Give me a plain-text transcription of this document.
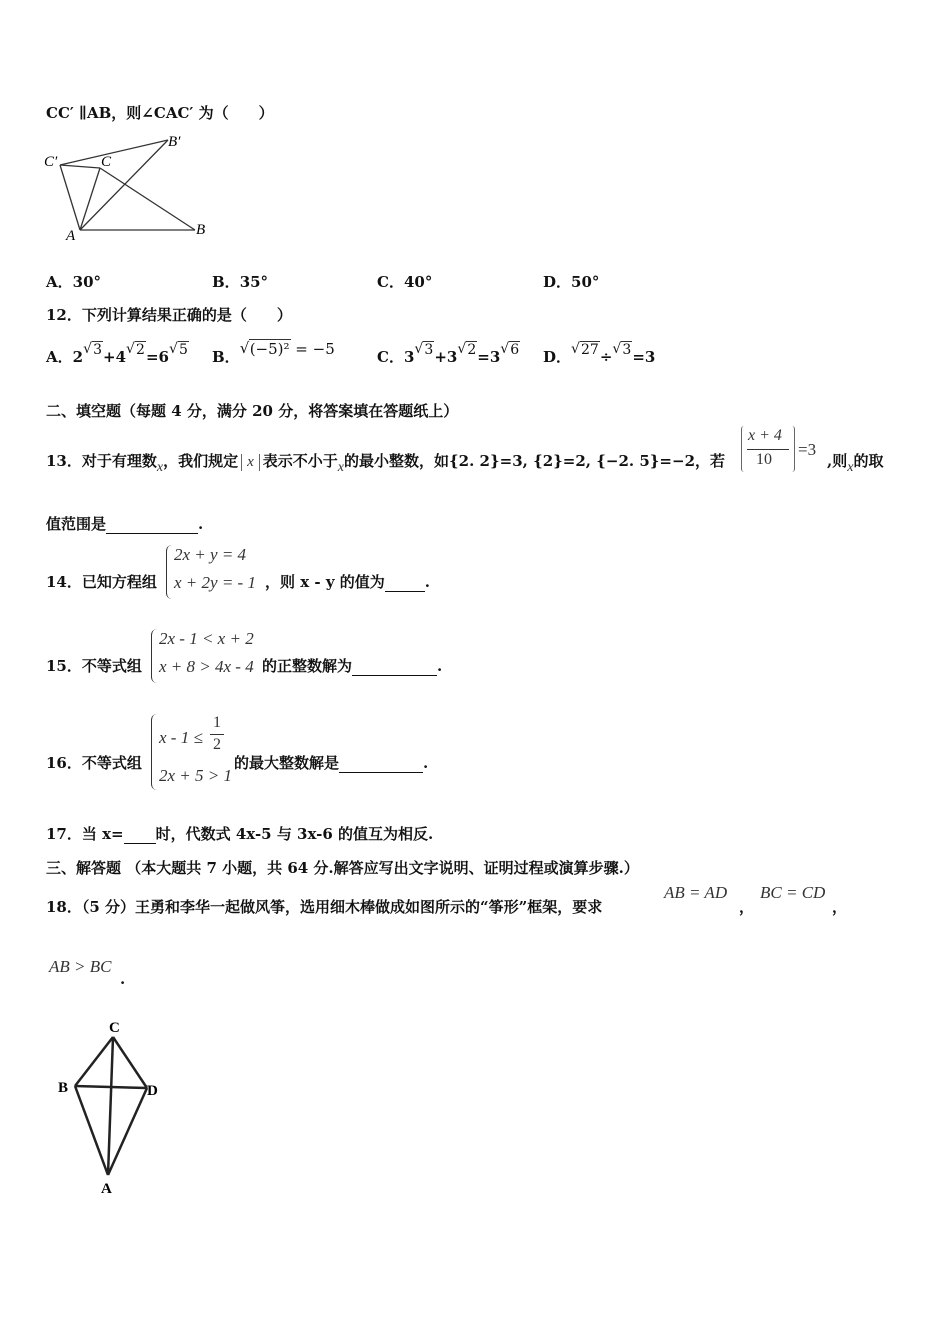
CC′ ∥AB，则∠CAC′ 为（　　）
C′
B′
C
A	B
A．30°	B．35°	C．40°	D．50°
12．下列计算结果正确的是（　　）
A．2 √ 3+4 √ 2=6 √ 5 B． √ (−5)² = −5	C．3 √ 3+3 √ 2=3 √ 6 D． √ 27÷ √ 3=3
二、填空题（每题 4 分，满分 20 分，将答案填在答题纸上）
13．对于有理数x，我们规定 x 表示不小于x的最小整数，如{2. 2}=3, {2}=2, {−2. 5}=−2，若
x + 4
10
=3
,则x的取
值范围是	.
14．已知方程组
2x + y = 4
x + 2y = - 1 ，则 x - y 的值为	.
15．不等式组
2x - 1 < x + 2
x + 8 > 4x - 4 的正整数解为	.
16．不等式组
x - 1 ≤
1
2
2x + 5 > 1
的最大整数解是	.
17．当 x= 时，代数式 4x-5 与 3x-6 的值互为相反.
三、解答题 （本大题共 7 小题，共 64 分.解答应写出文字说明、证明过程或演算步骤.）
18．（5 分）王勇和李华一起做风筝，选用细木棒做成如图所示的“筝形”框架，要求
AB = AD
，
BC = CD
，
AB > BC
.
C
B	D
A
